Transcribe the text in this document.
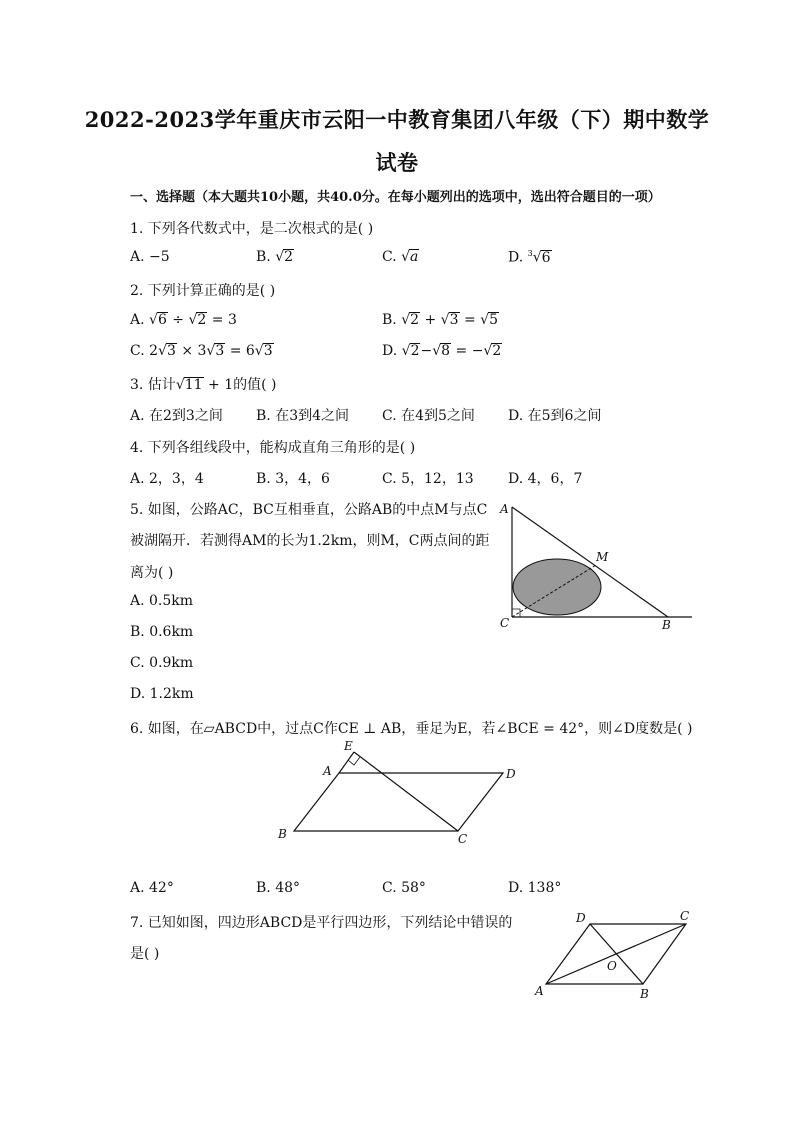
2022-2023学年重庆市云阳一中教育集团八年级（下）期中数学
试卷
一、选择题（本大题共10小题，共40.0分。在每小题列出的选项中，选出符合题目的一项）
1. 下列各代数式中，是二次根式的是( )
A. −5	B. √2	C. √a	D. $^3$√6
2. 下列计算正确的是( )
A. √6 ÷ √2 = 3	B. √2 + √3 = √5
C. 2√3 × 3√3 = 6√3	D. √2−√8 = −√2
3. 估计√11 + 1的值( )
A. 在2到3之间 B. 在3到4之间 C. 在4到5之间 D. 在5到6之间
4. 下列各组线段中，能构成直角三角形的是( )
A. 2，3，4	B. 3，4，6	C. 5，12，13 D. 4，6，7
5. 如图，公路AC，BC互相垂直，公路AB的中点M与点C
被湖隔开．若测得AM的长为1.2km，则M，C两点间的距
离为( )
A. 0.5km
B. 0.6km
C. 0.9km
D. 1.2km
A
M
C	B
6. 如图，在▱ABCD中，过点C作CE ⊥ AB，垂足为E，若∠BCE = 42°，则∠D度数是( )
E
A	D
B	C
A. 42°	B. 48°	C. 58°	D. 138°
7. 已知如图，四边形ABCD是平行四边形，下列结论中错误的
是( )
D	C
O
A	B
